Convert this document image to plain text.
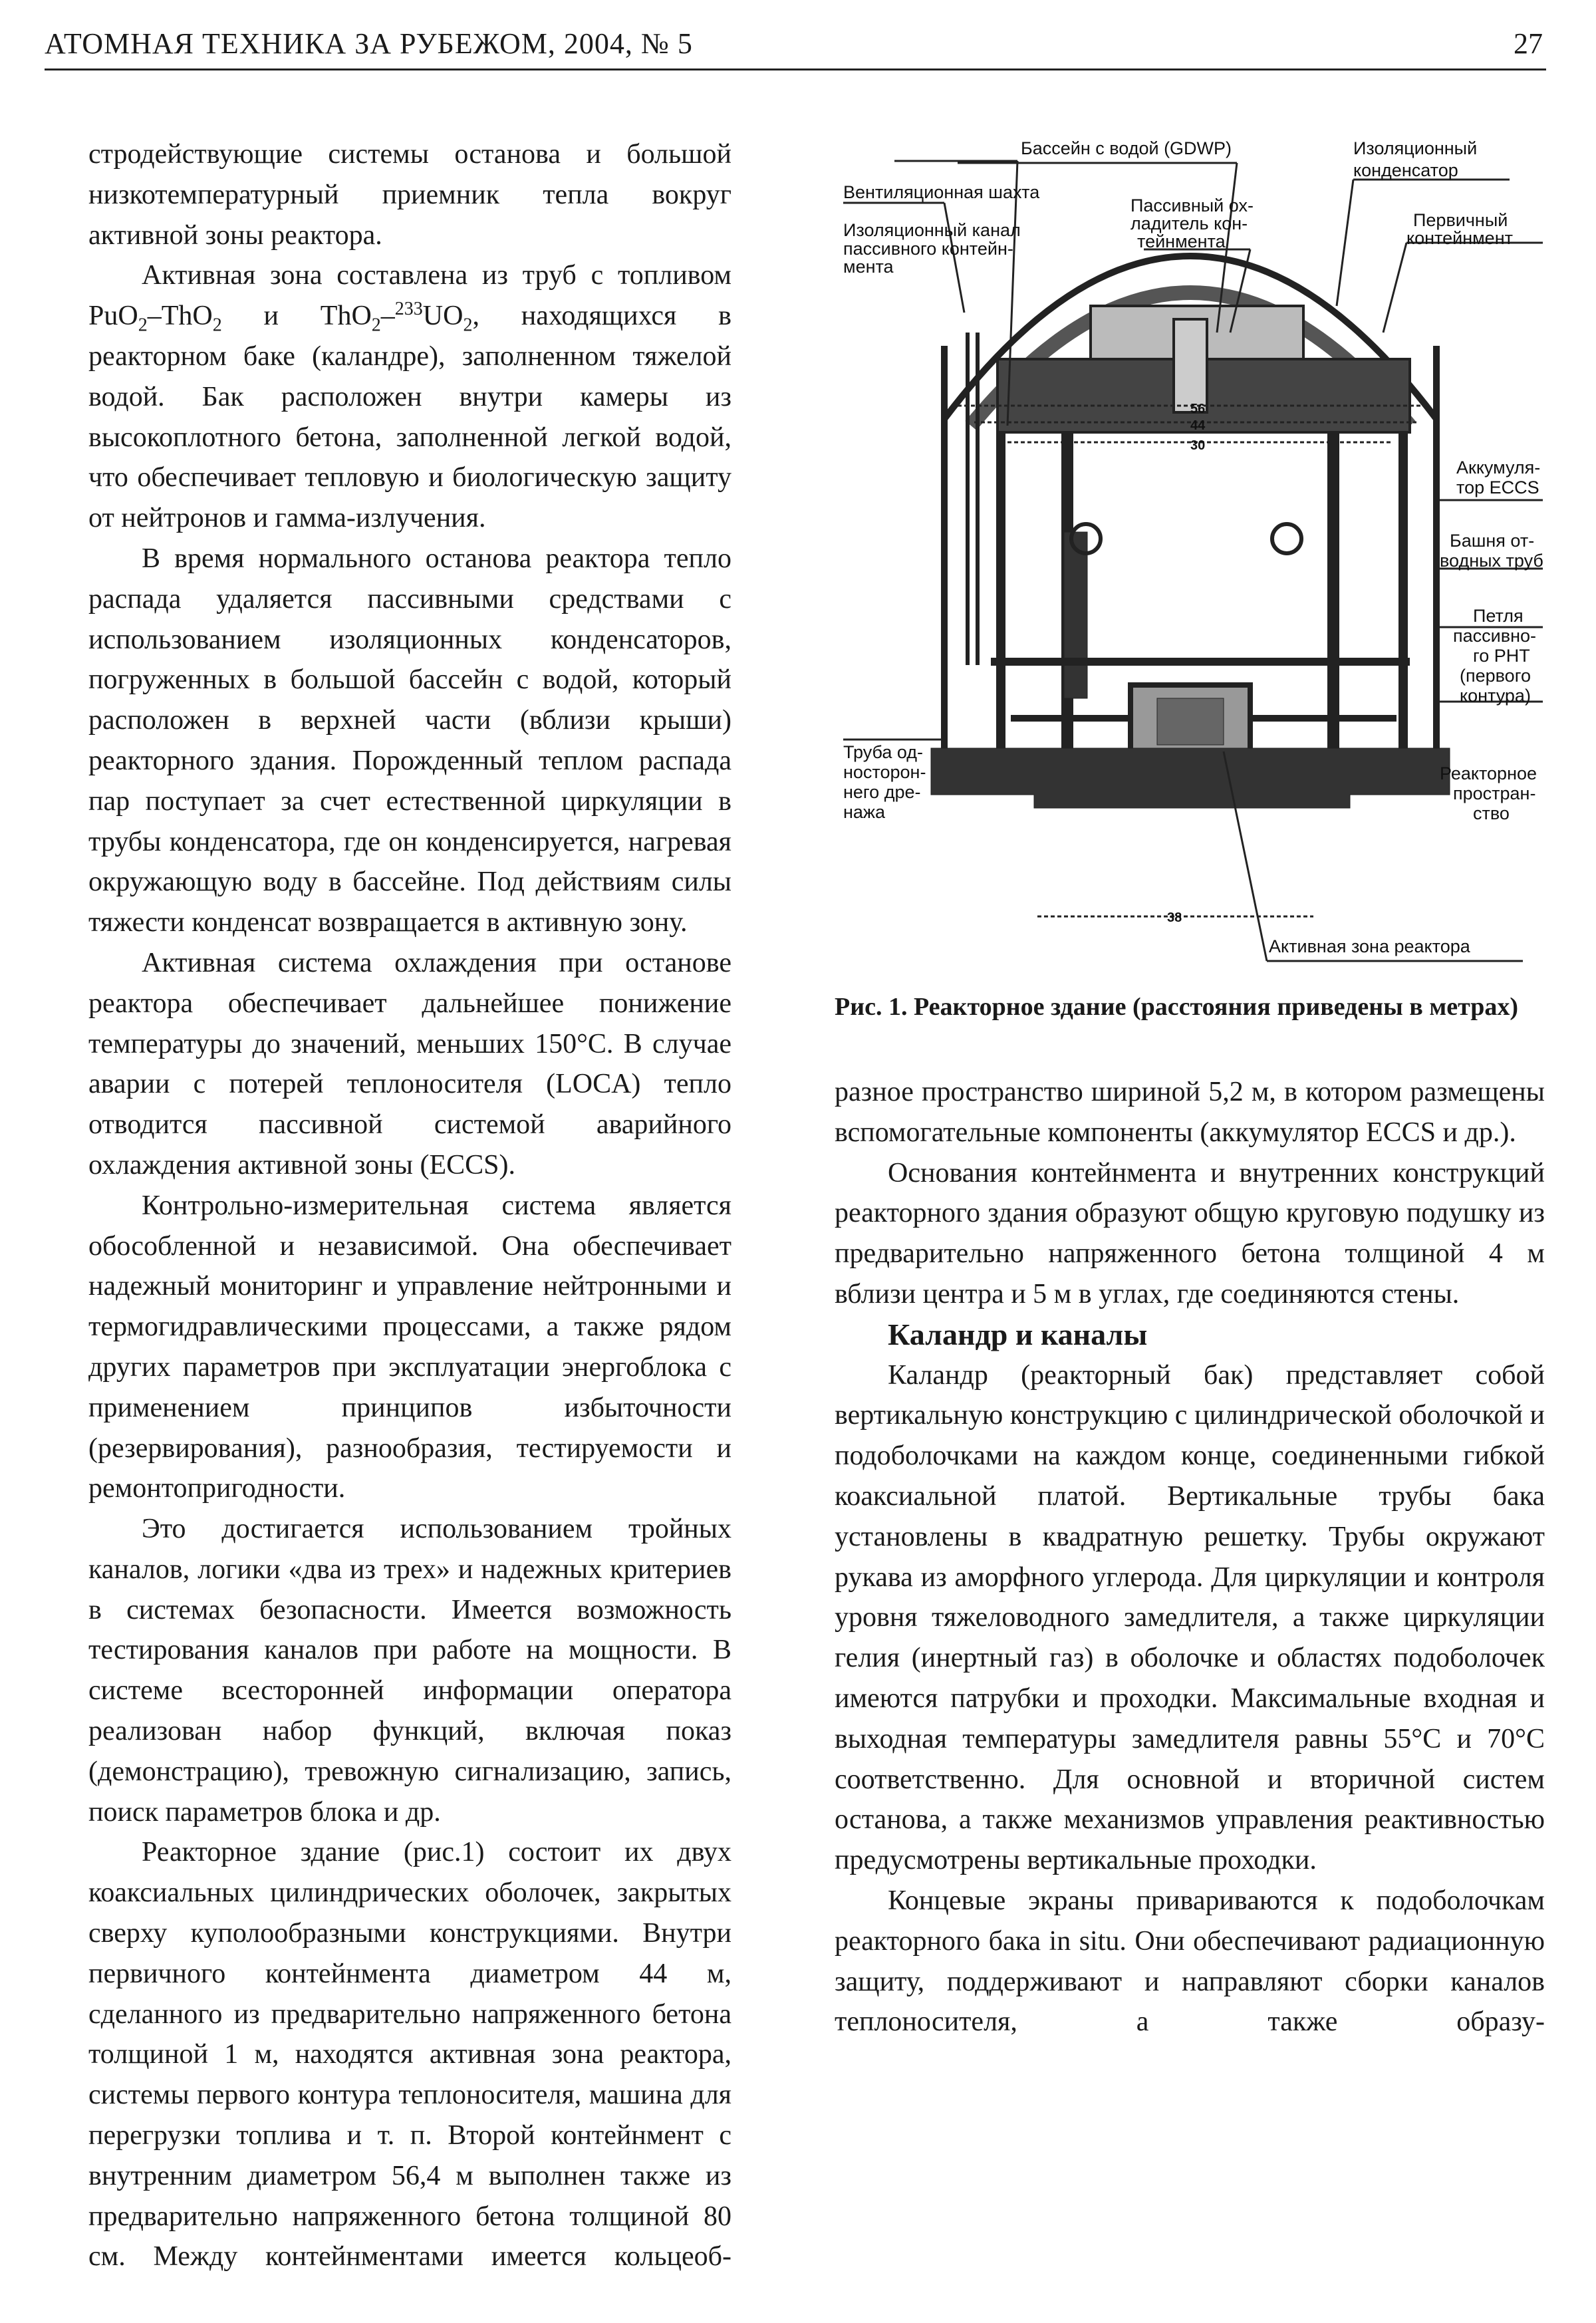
АТОМНАЯ ТЕХНИКА ЗА РУБЕЖОМ, 2004, № 5	27

стродействующие системы останова и большой низкотемпературный приемник тепла вокруг активной зоны реактора.

Активная зона составлена из труб с топливом PuO$_2$–ThO$_2$ и $ThO_2-^{233}UO_2$, находящихся в реакторном баке (каландре), заполненном тяжелой водой. Бак расположен внутри камеры из высокоплотного бетона, заполненной легкой водой, что обеспечивает тепловую и биологическую защиту от нейтронов и гамма-излучения.

В время нормального останова реактора тепло распада удаляется пассивными средствами с использованием изоляционных конденсаторов, погруженных в большой бассейн с водой, который расположен в верхней части (вблизи крыши) реакторного здания. Порожденный теплом распада пар поступает за счет естественной циркуляции в трубы конденсатора, где он конденсируется, нагревая окружающую воду в бассейне. Под действиям силы тяжести конденсат возвращается в активную зону.

Активная система охлаждения при останове реактора обеспечивает дальнейшее понижение температуры до значений, меньших 150°C. В случае аварии с потерей теплоносителя (LOCA) тепло отводится пассивной системой аварийного охлаждения активной зоны (ECCS).

Контрольно-измерительная система является обособленной и независимой. Она обеспечивает надежный мониторинг и управление нейтронными и термогидравлическими процессами, а также рядом других параметров при эксплуатации энергоблока с применением принципов избыточности (резервирования), разнообразия, тестируемости и ремонтопригодности.

Это достигается использованием тройных каналов, логики «два из трех» и надежных критериев в системах безопасности. Имеется возможность тестирования каналов при работе на мощности. В системе всесторонней информации оператора реализован набор функций, включая показ (демонстрацию), тревожную сигнализацию, запись, поиск параметров блока и др.

Реакторное здание (рис.1) состоит их двух коаксиальных цилиндрических оболочек, закрытых сверху куполообразными конструкциями. Внутри первичного контейнмента диаметром 44 м, сделанного из предварительно напряженного бетона толщиной 1 м, находятся активная зона реактора, системы первого контура теплоносителя, машина для перегрузки топлива и т. п. Второй контейнмент с внутренним диаметром 56,4 м выполнен также из предварительно напряженного бетона толщиной 80 см. Между контейнментами имеется кольцеоб-

Бассейн с водой (GDWP)	Изоляционный
конденсатор
Вентиляционная шахта
Пассивный ох-
ладитель кон-
тейнмента
Изоляционный канал
пассивного контейн-
мента
Первичный
контейнмент
Аккумуля-
тор ECCS
Башня от-
водных труб
Петля
пассивно-
го PHT
(первого
контура)
Реакторное
простран-
ство
Труба од-
носторон-
него дре-
нажа
Активная зона реактора
56
44
30
38
Рис. 1. Реакторное здание (расстояния приведены в метрах)

разное пространство шириной 5,2 м, в котором размещены вспомогательные компоненты (аккумулятор ECCS и др.).

Основания контейнмента и внутренних конструкций реакторного здания образуют общую круговую подушку из предварительно напряженного бетона толщиной 4 м вблизи центра и 5 м в углах, где соединяются стены.

Каландр и каналы

Каландр (реакторный бак) представляет собой вертикальную конструкцию с цилиндрической оболочкой и подоболочками на каждом конце, соединенными гибкой коаксиальной платой. Вертикальные трубы бака установлены в квадратную решетку. Трубы окружают рукава из аморфного углерода. Для циркуляции и контроля уровня тяжеловодного замедлителя, а также циркуляции гелия (инертный газ) в оболочке и областях подоболочек имеются патрубки и проходки. Максимальные входная и выходная температуры замедлителя равны 55°C и 70°C соответственно. Для основной и вторичной систем останова, а также механизмов управления реактивностью предусмотрены вертикальные проходки.

Концевые экраны привариваются к подоболочкам реакторного бака in situ. Они обеспечивают радиационную защиту, поддерживают и направляют сборки каналов теплоносителя, а также образу-
